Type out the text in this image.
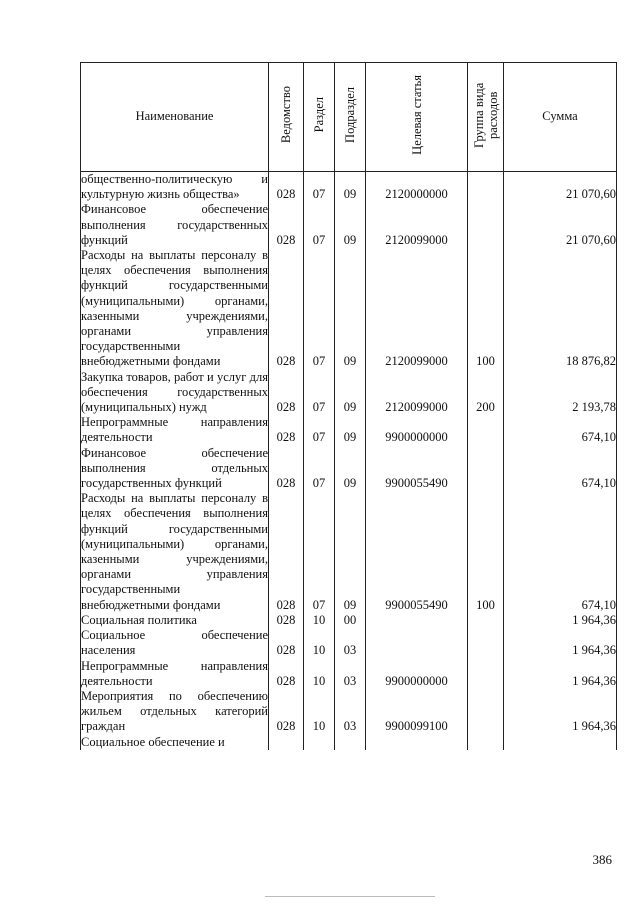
Наименование	Ведомство	Раздел	Подраздел	Целевая статья	Группа вида расходов	Сумма
общественно-политическую и культурную жизнь общества»	028	07	09	2120000000		21 070,60
Финансовое обеспечение выполнения государственных функций	028	07	09	2120099000		21 070,60
Расходы на выплаты персоналу в целях обеспечения выполнения функций государственными (муниципальными) органами, казенными учреждениями, органами управления государственными внебюджетными фондами	028	07	09	2120099000	100	18 876,82
Закупка товаров, работ и услуг для обеспечения государственных (муниципальных) нужд	028	07	09	2120099000	200	2 193,78
Непрограммные направления деятельности	028	07	09	9900000000		674,10
Финансовое обеспечение выполнения отдельных государственных функций	028	07	09	9900055490		674,10
Расходы на выплаты персоналу в целях обеспечения выполнения функций государственными (муниципальными) органами, казенными учреждениями, органами управления государственными внебюджетными фондами	028	07	09	9900055490	100	674,10
Социальная политика	028	10	00			1 964,36
Социальное обеспечение населения	028	10	03			1 964,36
Непрограммные направления деятельности	028	10	03	9900000000		1 964,36
Мероприятия по обеспечению жильем отдельных категорий граждан	028	10	03	9900099100		1 964,36
Социальное обеспечение и						
386
